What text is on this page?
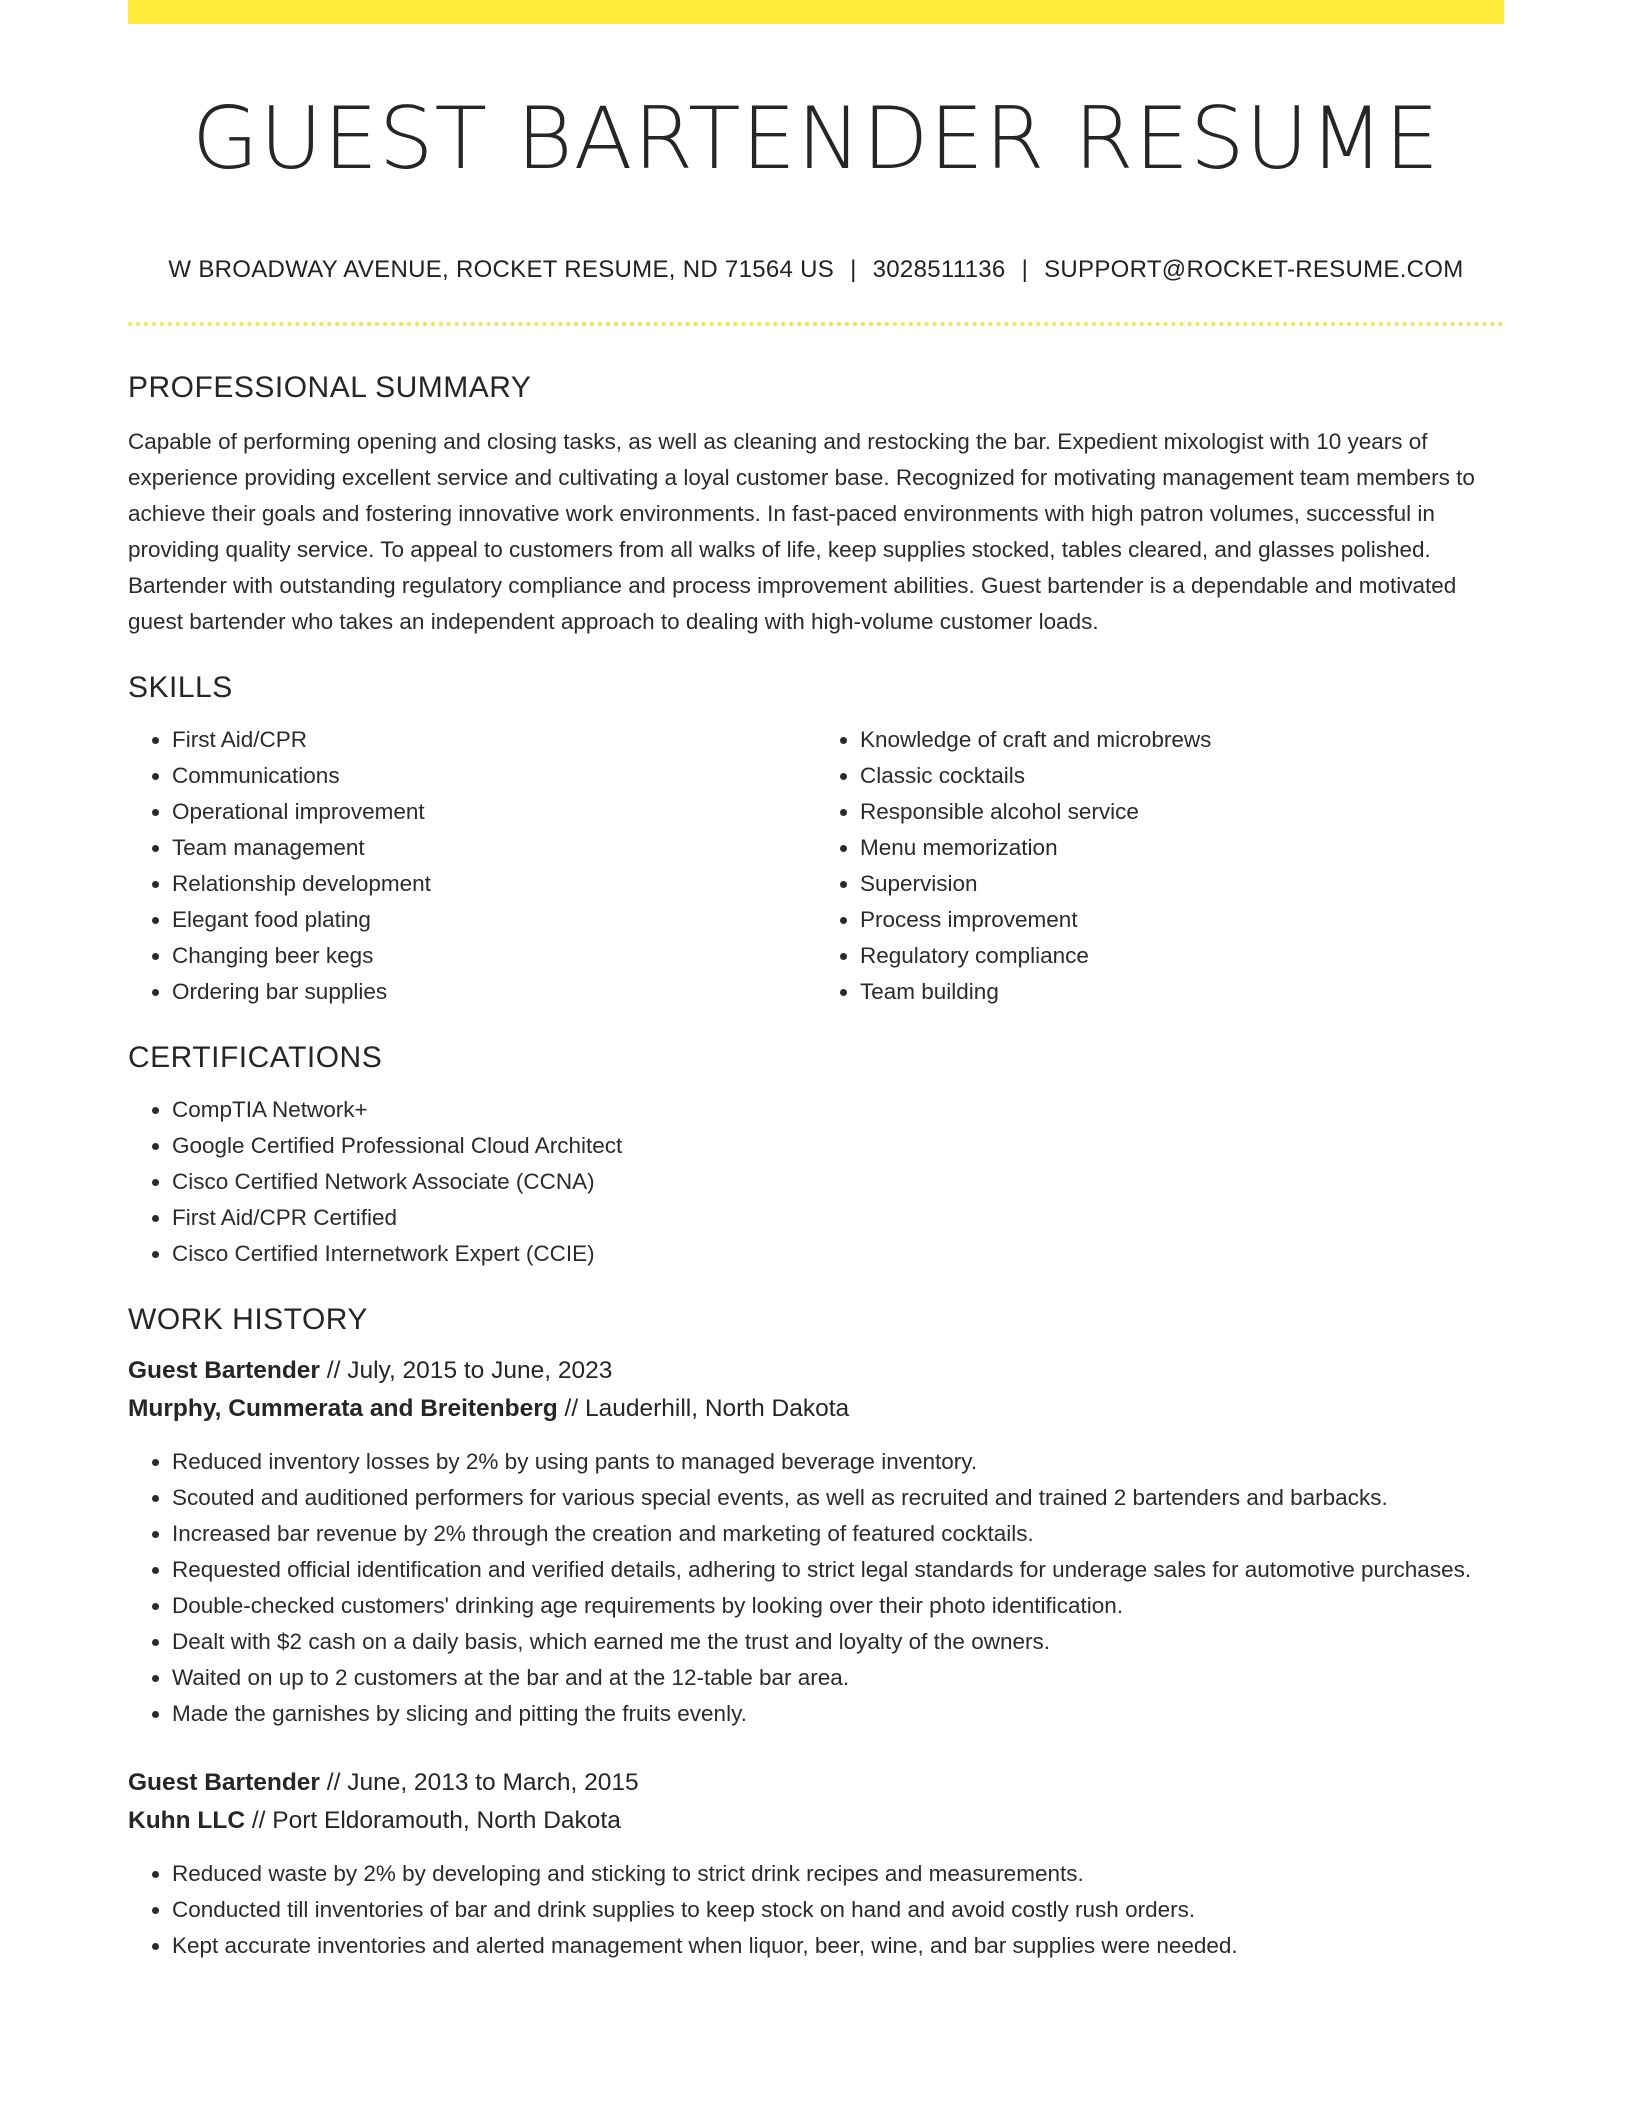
GUEST BARTENDER RESUME
W BROADWAY AVENUE, ROCKET RESUME, ND 71564 US | 3028511136 | SUPPORT@ROCKET-RESUME.COM
PROFESSIONAL SUMMARY

Capable of performing opening and closing tasks, as well as cleaning and restocking the bar. Expedient mixologist with 10 years of experience providing excellent service and cultivating a loyal customer base. Recognized for motivating management team members to achieve their goals and fostering innovative work environments. In fast-paced environments with high patron volumes, successful in providing quality service. To appeal to customers from all walks of life, keep supplies stocked, tables cleared, and glasses polished. Bartender with outstanding regulatory compliance and process improvement abilities. Guest bartender is a dependable and motivated guest bartender who takes an independent approach to dealing with high-volume customer loads.

SKILLS
• First Aid/CPR
• Communications
• Operational improvement
• Team management
• Relationship development
• Elegant food plating
• Changing beer kegs
• Ordering bar supplies
• Knowledge of craft and microbrews
• Classic cocktails
• Responsible alcohol service
• Menu memorization
• Supervision
• Process improvement
• Regulatory compliance
• Team building
CERTIFICATIONS
• CompTIA Network+
• Google Certified Professional Cloud Architect
• Cisco Certified Network Associate (CCNA)
• First Aid/CPR Certified
• Cisco Certified Internetwork Expert (CCIE)
WORK HISTORY
Guest Bartender // July, 2015 to June, 2023
Murphy, Cummerata and Breitenberg // Lauderhill, North Dakota
• Reduced inventory losses by 2% by using pants to managed beverage inventory.
• Scouted and auditioned performers for various special events, as well as recruited and trained 2 bartenders and barbacks.
• Increased bar revenue by 2% through the creation and marketing of featured cocktails.
• Requested official identification and verified details, adhering to strict legal standards for underage sales for automotive purchases.
• Double-checked customers' drinking age requirements by looking over their photo identification.
• Dealt with $2 cash on a daily basis, which earned me the trust and loyalty of the owners.
• Waited on up to 2 customers at the bar and at the 12-table bar area.
• Made the garnishes by slicing and pitting the fruits evenly.
Guest Bartender // June, 2013 to March, 2015
Kuhn LLC // Port Eldoramouth, North Dakota
• Reduced waste by 2% by developing and sticking to strict drink recipes and measurements.
• Conducted till inventories of bar and drink supplies to keep stock on hand and avoid costly rush orders.
• Kept accurate inventories and alerted management when liquor, beer, wine, and bar supplies were needed.
